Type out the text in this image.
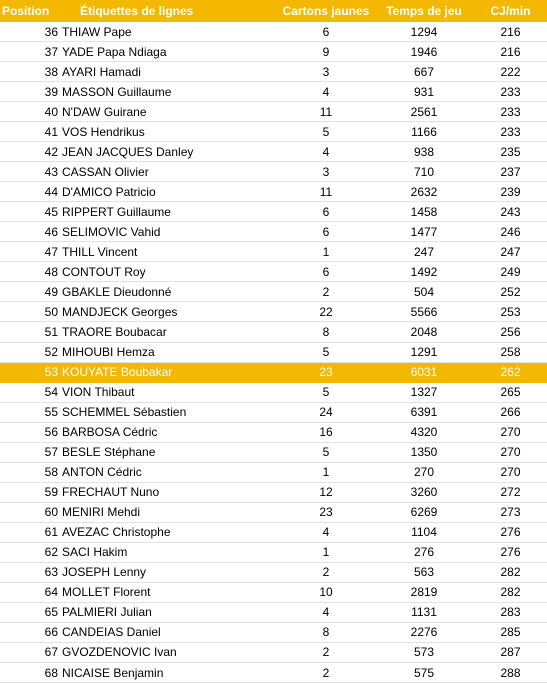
Position	Étiquettes de lignes	Cartons jaunes	Temps de jeu	CJ/min
36 THIAW Pape	6	1294	216
37 YADE Papa Ndiaga	9	1946	216
38 AYARI Hamadi	3	667	222
39 MASSON Guillaume	4	931	233
40 N'DAW Guirane	11	2561	233
41 VOS Hendrikus	5	1166	233
42 JEAN JACQUES Danley	4	938	235
43 CASSAN Olivier	3	710	237
44 D'AMICO Patricio	11	2632	239
45 RIPPERT Guillaume	6	1458	243
46 SELIMOVIC Vahid	6	1477	246
47 THILL Vincent	1	247	247
48 CONTOUT Roy	6	1492	249
49 GBAKLE Dieudonné	2	504	252
50 MANDJECK Georges	22	5566	253
51 TRAORE Boubacar	8	2048	256
52 MIHOUBI Hemza	5	1291	258
53 KOUYATE Boubakar	23	6031	262
54 VION Thibaut	5	1327	265
55 SCHEMMEL Sébastien	24	6391	266
56 BARBOSA Cédric	16	4320	270
57 BESLE Stéphane	5	1350	270
58 ANTON Cédric	1	270	270
59 FRECHAUT Nuno	12	3260	272
60 MENIRI Mehdi	23	6269	273
61 AVEZAC Christophe	4	1104	276
62 SACI Hakim	1	276	276
63 JOSEPH Lenny	2	563	282
64 MOLLET Florent	10	2819	282
65 PALMIERI Julian	4	1131	283
66 CANDEIAS Daniel	8	2276	285
67 GVOZDENOVIC Ivan	2	573	287
68 NICAISE Benjamin	2	575	288
